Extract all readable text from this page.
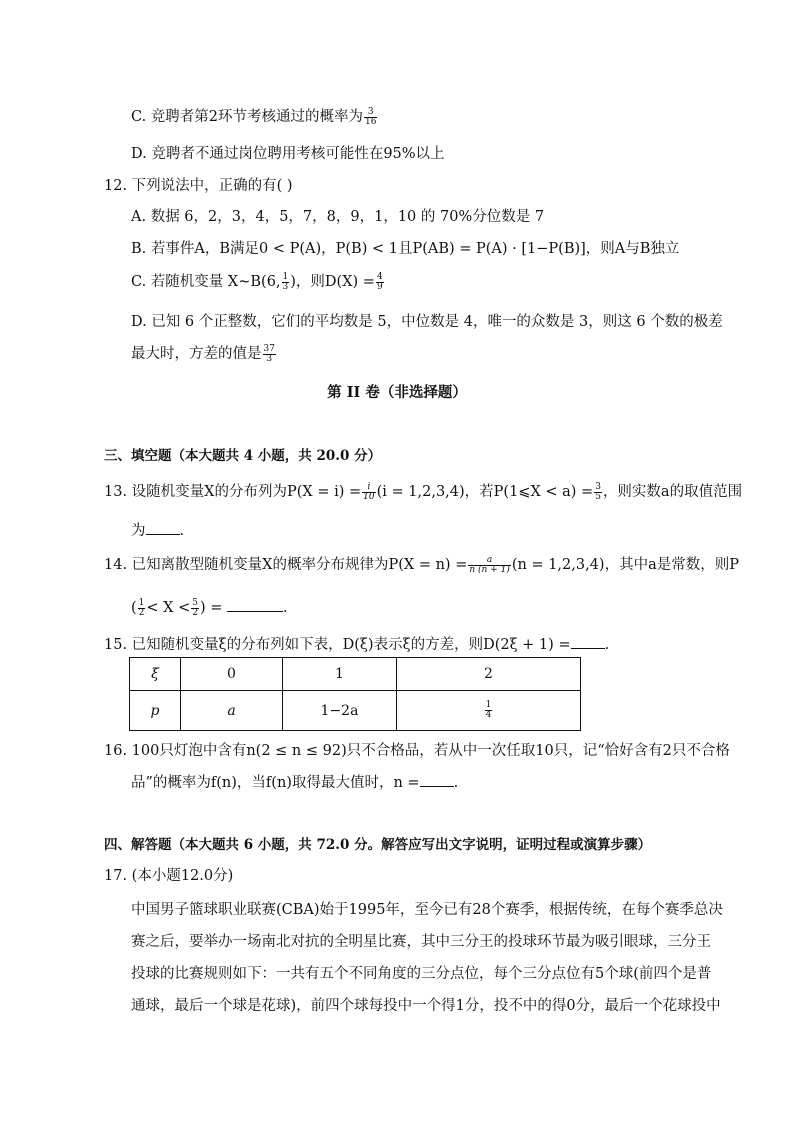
C. 竞聘者第2环节考核通过的概率为 $\frac{3}{16}$
D. 竞聘者不通过岗位聘用考核可能性在95%以上
12. 下列说法中，正确的有( )
A. 数据 6，2，3，4，5，7，8，9，1，10 的 70%分位数是 7
B. 若事件A，B满足0 < P(A)，P(B) < 1且P(AB) = P(A) · [1−P(B)]，则A与B独立
C. 若随机变量 X~B(6, $\frac{1}{3}$ )，则$D(X) = \frac{4}{9}$
D. 已知 6 个正整数，它们的平均数是 5，中位数是 4，唯一的众数是 3，则这 6 个数的极差
最大时，方差的值是 $\frac{37}{3}$
第 II 卷（非选择题）
三、填空题（本大题共 4 小题，共 20.0 分）
13. 设随机变量X的分布列为$P(X = i) = \frac{i}{10} (i = 1,2,3,4)$，若P(1⩽X < $a) = \frac{3}{5}$ ，则实数a的取值范围
为 .
14. 已知离散型随机变量X的概率分布规律为$P(X = n) = \frac{a}{n (n + 1)} (n = 1,2,3,4)$，其中a是常数，则P
( $\frac{1}{2} < X < \frac{5}{2}$ ) =	.
15. 已知随机变量ξ的分布列如下表，D(ξ)表示ξ的方差，则D(2ξ + 1) = .
ξ	0	1	2
p	a	1−2a	$\frac{1}{4}$
16. 100只灯泡中含有n(2 ≤ n ≤ 92)只不合格品，若从中一次任取10只，记“恰好含有2只不合格
品”的概率为f(n)，当f(n)取得最大值时，n = .
四、解答题（本大题共 6 小题，共 72.0 分。解答应写出文字说明，证明过程或演算步骤）
17. (本小题12.0分)
中国男子篮球职业联赛(CBA)始于1995年，至今已有28个赛季，根据传统，在每个赛季总决
赛之后，要举办一场南北对抗的全明星比赛，其中三分王的投球环节最为吸引眼球，三分王
投球的比赛规则如下：一共有五个不同角度的三分点位，每个三分点位有5个球(前四个是普
通球，最后一个球是花球)，前四个球每投中一个得1分，投不中的得0分，最后一个花球投中
